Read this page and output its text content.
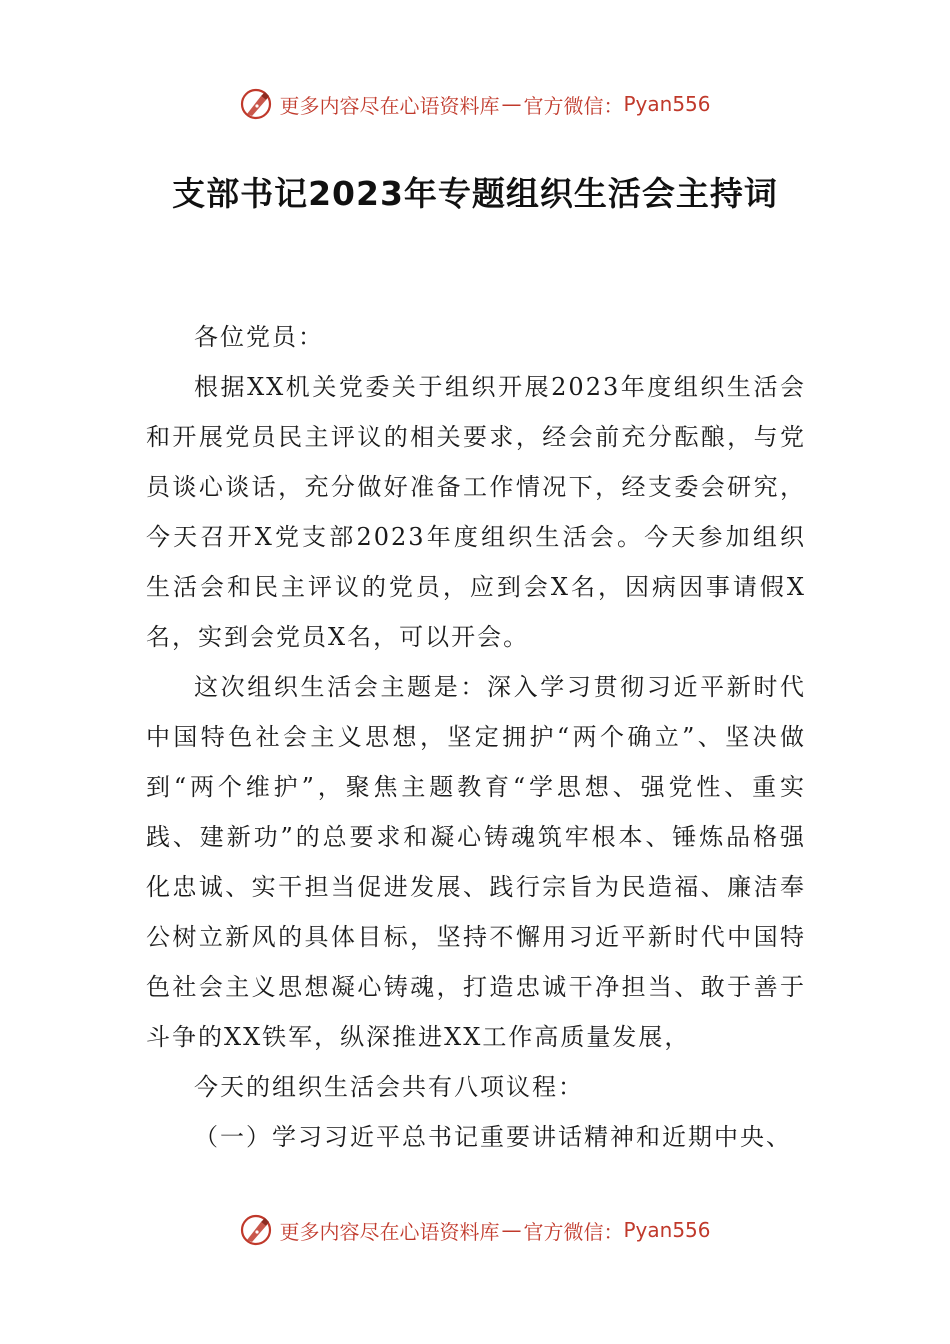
更多内容尽在心语资料库 — 官方微信： Pyan556
支部书记2023年专题组织生活会主持词

各位党员：

根据XX机关党委关于组织开展2023年度组织生活会和开展党员民主评议的相关要求，经会前充分酝酿，与党员谈心谈话，充分做好准备工作情况下，经支委会研究，今天召开X党支部2023年度组织生活会。今天参加组织生活会和民主评议的党员，应到会X名，因病因事请假X名，实到会党员X名，可以开会。

这次组织生活会主题是：深入学习贯彻习近平新时代中国特色社会主义思想，坚定拥护“两个确立”、坚决做到“两个维护”，聚焦主题教育“学思想、强党性、重实践、建新功”的总要求和凝心铸魂筑牢根本、锤炼品格强化忠诚、实干担当促进发展、践行宗旨为民造福、廉洁奉公树立新风的具体目标，坚持不懈用习近平新时代中国特色社会主义思想凝心铸魂，打造忠诚干净担当、敢于善于斗争的XX铁军，纵深推进XX工作高质量发展，

今天的组织生活会共有八项议程：

（一）学习习近平总书记重要讲话精神和近期中央、

更多内容尽在心语资料库 — 官方微信： Pyan556
